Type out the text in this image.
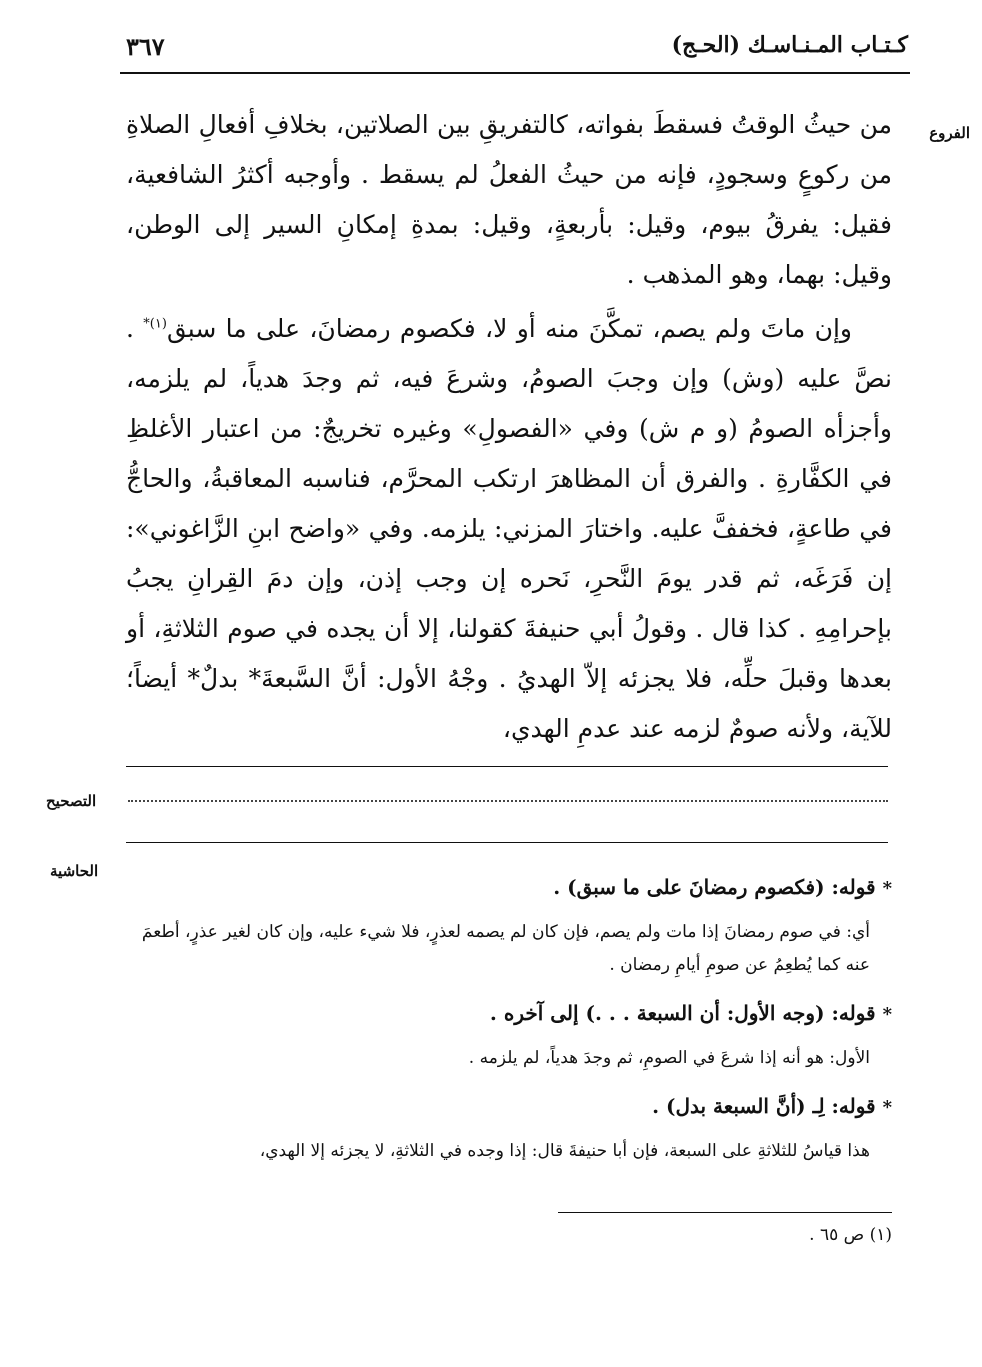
كـتـاب المـنـاسـك (الحـج)
٣٦٧
الفروع

من حيثُ الوقتُ فسقطَ بفواته، كالتفريقِ بين الصلاتين، بخلافِ أفعالِ الصلاةِ من ركوعٍ وسجودٍ، فإنه من حيثُ الفعلُ لم يسقط . وأوجبه أكثرُ الشافعية، فقيل: يفرقُ بيوم، وقيل: بأربعةٍ، وقيل: بمدةِ إمكانِ السير إلى الوطن، وقيل: بهما، وهو المذهب .

وإن ماتَ ولم يصم، تمكَّنَ منه أو لا، فكصوم رمضانَ، على ما سبق$^{(١)*}$ . نصَّ عليه (وش) وإن وجبَ الصومُ، وشرعَ فيه، ثم وجدَ هدياً، لم يلزمه، وأجزأه الصومُ (و م ش) وفي «الفصولِ» وغيره تخريجٌ: من اعتبار الأغلظِ في الكفَّارةِ . والفرق أن المظاهرَ ارتكب المحرَّم، فناسبه المعاقبةُ، والحاجُّ في طاعةٍ، فخففَّ عليه. واختارَ المزني: يلزمه. وفي «واضح ابنِ الزَّاغوني»: إن فَرَغَه، ثم قدر يومَ النَّحرِ، نَحره إن وجب إذن، وإن دمَ القِرانِ يجبُ بإحرامِهِ . كذا قال . وقولُ أبي حنيفةَ كقولنا، إلا أن يجده في صوم الثلاثةِ، أو بعدها وقبلَ حلِّه، فلا يجزئه إلاّ الهديُ . وجْهُ الأول: أنَّ السَّبعةَ* بدلٌ* أيضاً؛ للآية، ولأنه صومٌ لزمه عند عدمِ الهدي،

التصحيح
الحاشية

* قوله: (فكصوم رمضانَ على ما سبق) .

أي: في صوم رمضانَ إذا مات ولم يصم، فإن كان لم يصمه لعذرٍ، فلا شيء عليه، وإن كان لغير عذرٍ، أطعمَ عنه كما يُطعِمُ عن صومِ أيامِ رمضان .

* قوله: (وجه الأول: أن السبعة . . .) إلى آخره .

الأول: هو أنه إذا شرعَ في الصومِ، ثم وجدَ هدياً، لم يلزمه .

* قوله: لِـ (أنَّ السبعة بدل) .

هذا قياسُ للثلاثةِ على السبعة، فإن أبا حنيفةَ قال: إذا وجده في الثلاثةِ، لا يجزئه إلا الهدي،

(١) ص ٦٥ .
